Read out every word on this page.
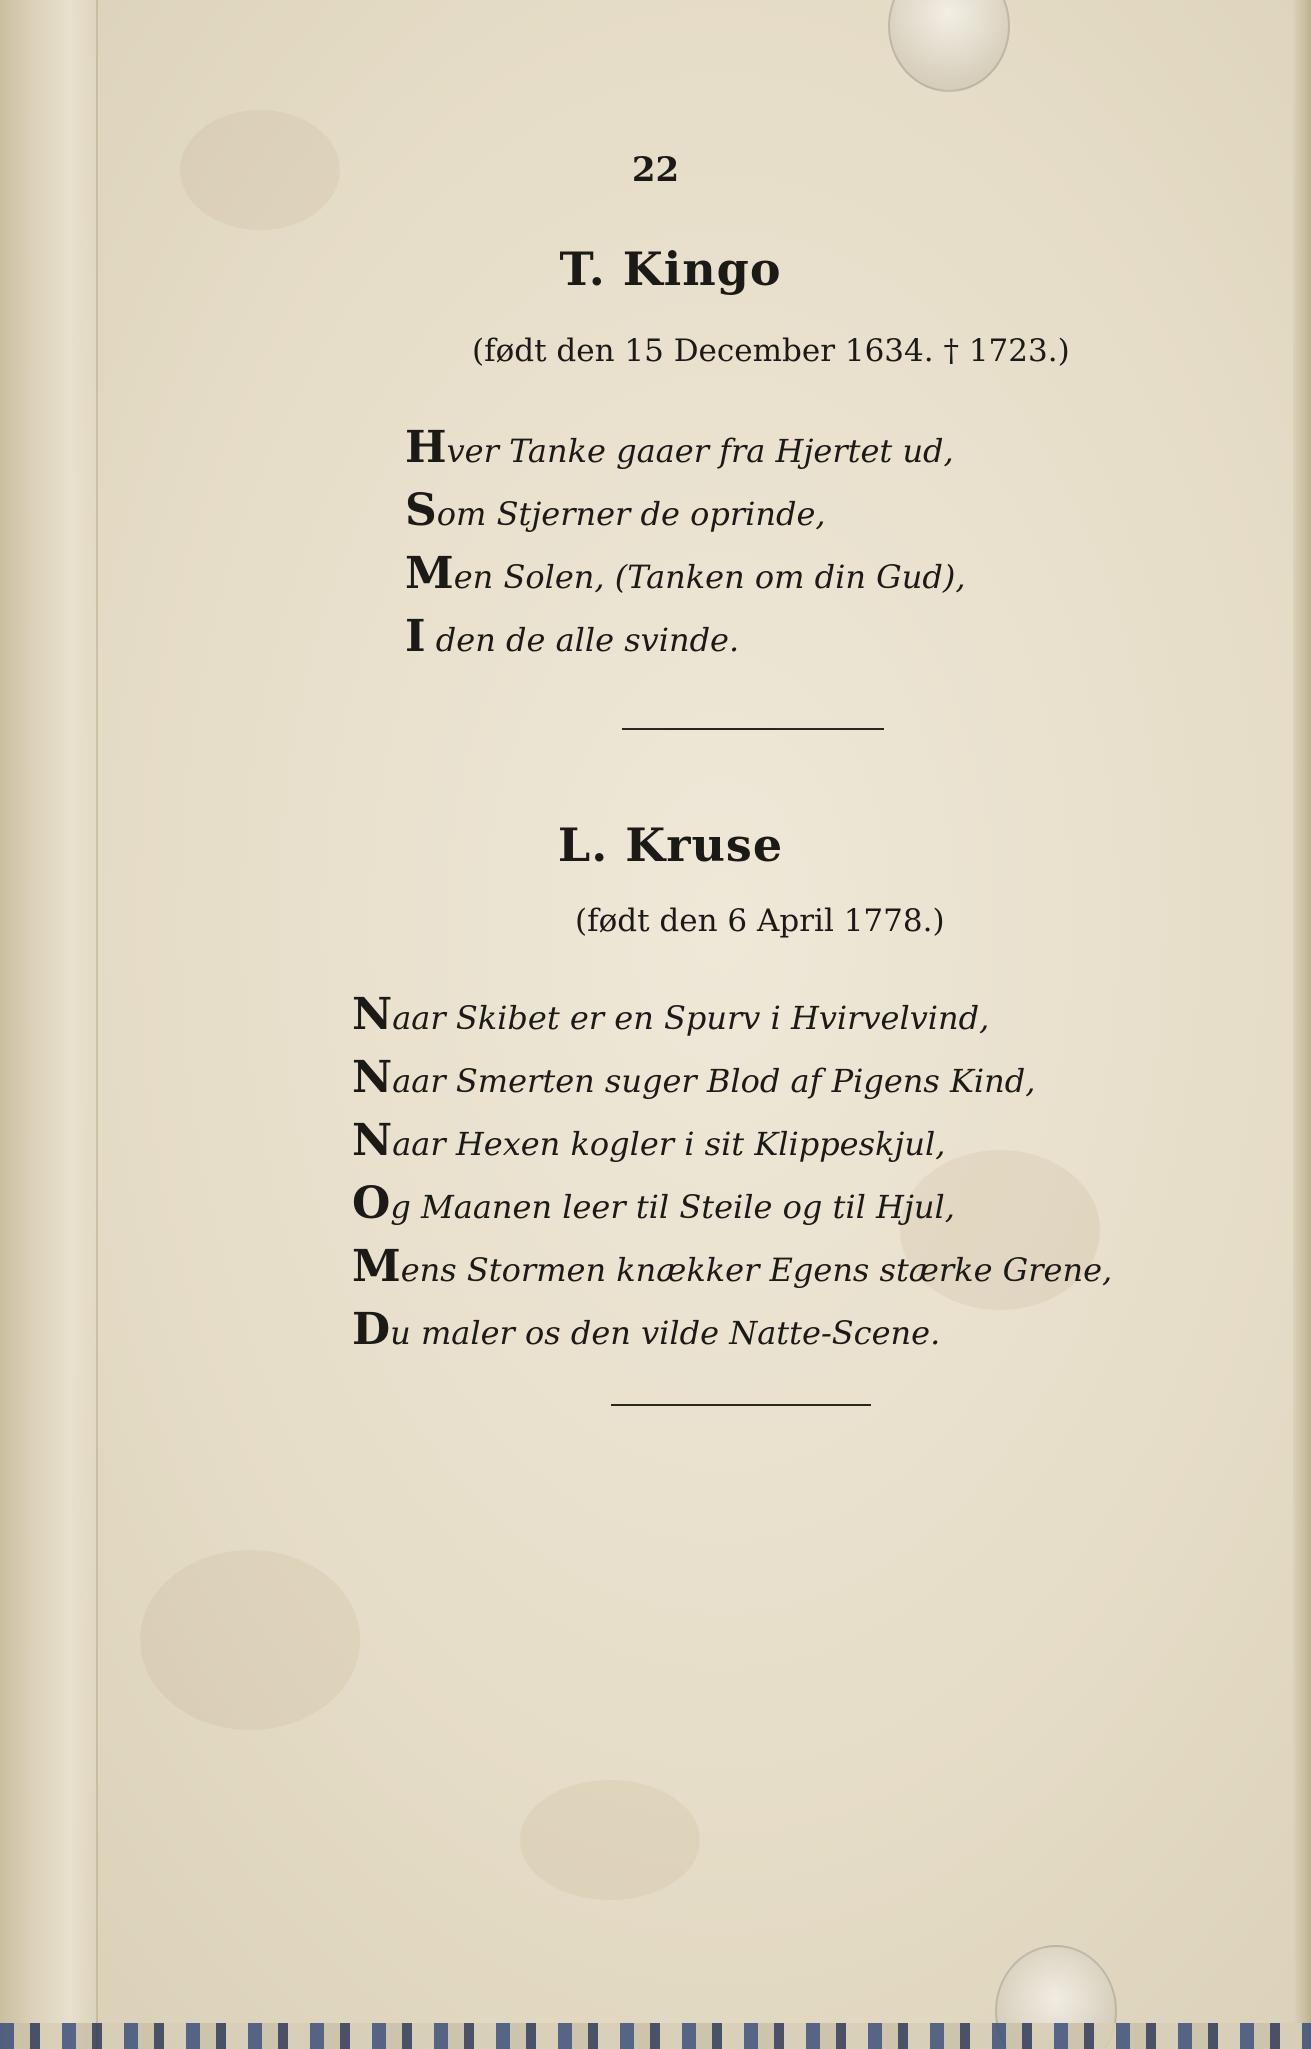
22
T. Kingo
(født den 15 December 1634. † 1723.)
Hver Tanke gaaer fra Hjertet ud,
Som Stjerner de oprinde,
Men Solen, (Tanken om din Gud),
I den de alle svinde.
L. Kruse
(født den 6 April 1778.)
Naar Skibet er en Spurv i Hvirvelvind,
Naar Smerten suger Blod af Pigens Kind,
Naar Hexen kogler i sit Klippeskjul,
Og Maanen leer til Steile og til Hjul,
Mens Stormen knækker Egens stærke Grene,
Du maler os den vilde Natte-Scene.
